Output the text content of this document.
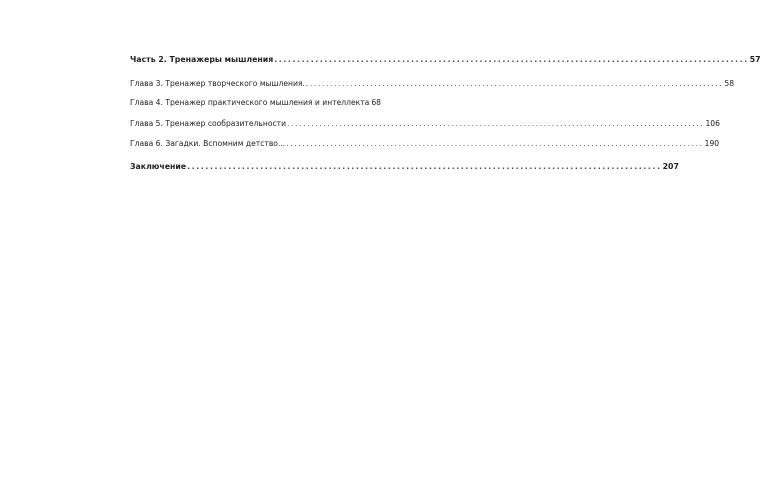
Часть 2. Тренажеры мышления ........................................................................................................ 57
Глава 3. Тренажер творческого мышления. ........................................................................................................ 58
Глава 4. Тренажер практического мышления и интеллекта 68
Глава 5. Тренажер сообразительности ........................................................................................................ 106
Глава 6. Загадки. Вспомним детство... ........................................................................................................ 190
Заключение ........................................................................................................ 207
